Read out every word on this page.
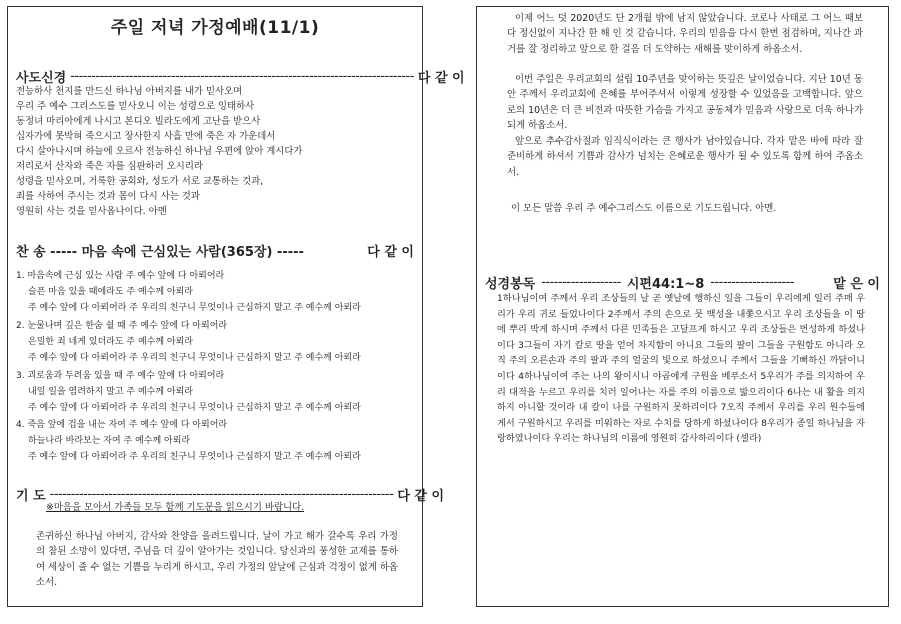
주일 저녁 가정예배(11/1)
사도신경 ---------------------------------------------------------------------------------- 다 같 이
전능하사 천지를 만드신 하나님 아버지를 내가 믿사오며
우리 주 예수 그리스도를 믿사오니 이는 성령으로 잉태하사
동정녀 마리아에게 나시고 본디오 빌라도에게 고난을 받으사
십자가에 못박혀 죽으시고 장사한지 사흘 만에 죽은 자 가운데서
다시 살아나시며 하늘에 오르사 전능하신 하나님 우편에 앉아 계시다가
저리로서 산자와 죽은 자를 심판하러 오시리라
성령을 믿사오며, 거룩한 공회와, 성도가 서로 교통하는 것과,
죄를 사하여 주시는 것과 몸이 다시 사는 것과
영원히 사는 것을 믿사옵나이다. 아멘
찬 송 ----- 마음 속에 근심있는 사람(365장) -----	다 같 이
1. 마음속에 근심 있는 사람 주 예수 앞에 다 아뢰어라
슬픈 마음 있을 때에라도 주 예수께 아뢰라
주 예수 앞에 다 아뢰어라 주 우리의 친구니 무엇이나 근심하지 말고 주 예수께 아뢰라
2. 눈물나며 깊은 한숨 쉴 때 주 예수 앞에 다 아뢰어라
은밀한 죄 네게 있더라도 주 예수께 아뢰라
주 예수 앞에 다 아뢰어라 주 우리의 친구니 무엇이나 근심하지 말고 주 예수께 아뢰라
3. 괴로움과 두려움 있을 때 주 예수 앞에 다 아뢰어라
내일 일을 염려하지 말고 주 예수께 아뢰라
주 예수 앞에 다 아뢰어라 주 우리의 친구니 무엇이나 근심하지 말고 주 예수께 아뢰라
4. 죽음 앞에 겁을 내는 자여 주 예수 앞에 다 아뢰어라
하늘나라 바라보는 자여 주 예수께 아뢰라
주 예수 앞에 다 아뢰어라 주 우리의 친구니 무엇이나 근심하지 말고 주 예수께 아뢰라
기 도 ---------------------------------------------------------------------------------- 다 같 이
※마음을 모아서 가족들 모두 함께 기도문을 읽으시기 바랍니다.
존귀하신 하나님 아버지, 감사와 찬양을 올려드립니다. 날이 가고 해가 갈수록 우리 가정의 참된 소망이 있다면, 주님을 더 깊이 알아가는 것입니다. 당신과의 풍성한 교제를 통하여 세상이 줄 수 없는 기쁨을 누리게 하시고, 우리 가정의 앞날에 근심과 걱정이 없게 하옵소서.
이제 어느 덧 2020년도 단 2개월 밖에 남지 않았습니다. 코로나 사태로 그 어느 때보다 정신없이 지나간 한 해 인 것 같습니다. 우리의 믿음을 다시 한번 점검하며, 지나간 과거를 잘 정리하고 앞으로 한 걸음 더 도약하는 새해를 맞이하게 하옵소서.
이번 주일은 우리교회의 설립 10주년을 맞이하는 뜻깊은 날이었습니다. 지난 10년 동안 주께서 우리교회에 은혜를 부어주셔서 이렇게 성장할 수 있었음을 고백합니다. 앞으로의 10년은 더 큰 비전과 따뜻한 가슴을 가지고 공동체가 믿음과 사랑으로 더욱 하나가 되게 하옵소서.
앞으로 추수감사절과 임직식이라는 큰 행사가 남아있습니다. 각자 맡은 바에 따라 잘 준비하게 하셔서 기쁨과 감사가 넘치는 은혜로운 행사가 될 수 있도록 함께 하여 주옵소서.
이 모든 말씀 우리 주 예수그리스도 이름으로 기도드립니다. 아멘.
성경봉독 ------------------- 시편44:1~8 --------------------	맡 은 이
1하나님이여 주께서 우리 조상들의 날 곧 옛날에 행하신 일을 그들이 우리에게 일러 주매 우리가 우리 귀로 들었나이다 2주께서 주의 손으로 뭇 백성을 내쫓으시고 우리 조상들을 이 땅에 뿌리 박게 하시며 주께서 다른 민족들은 고달프게 하시고 우리 조상들은 번성하게 하셨나이다 3그들이 자기 칼로 땅을 얻어 차지함이 아니요 그들의 팔이 그들을 구원함도 아니라 오직 주의 오른손과 주의 팔과 주의 얼굴의 빛으로 하셨으니 주께서 그들을 기뻐하신 까닭이니이다 4하나님이여 주는 나의 왕이시니 야곱에게 구원을 베푸소서 5우리가 주를 의지하여 우리 대적을 누르고 우리를 치러 일어나는 자를 주의 이름으로 밟으리이다 6나는 내 활을 의지하지 아니할 것이라 내 칼이 나를 구원하지 못하리이다 7오직 주께서 우리를 우리 원수들에게서 구원하시고 우리를 미워하는 자로 수치를 당하게 하셨나이다 8우리가 종일 하나님을 자랑하였나이다 우리는 하나님의 이름에 영원히 감사하리이다 (셀라)
